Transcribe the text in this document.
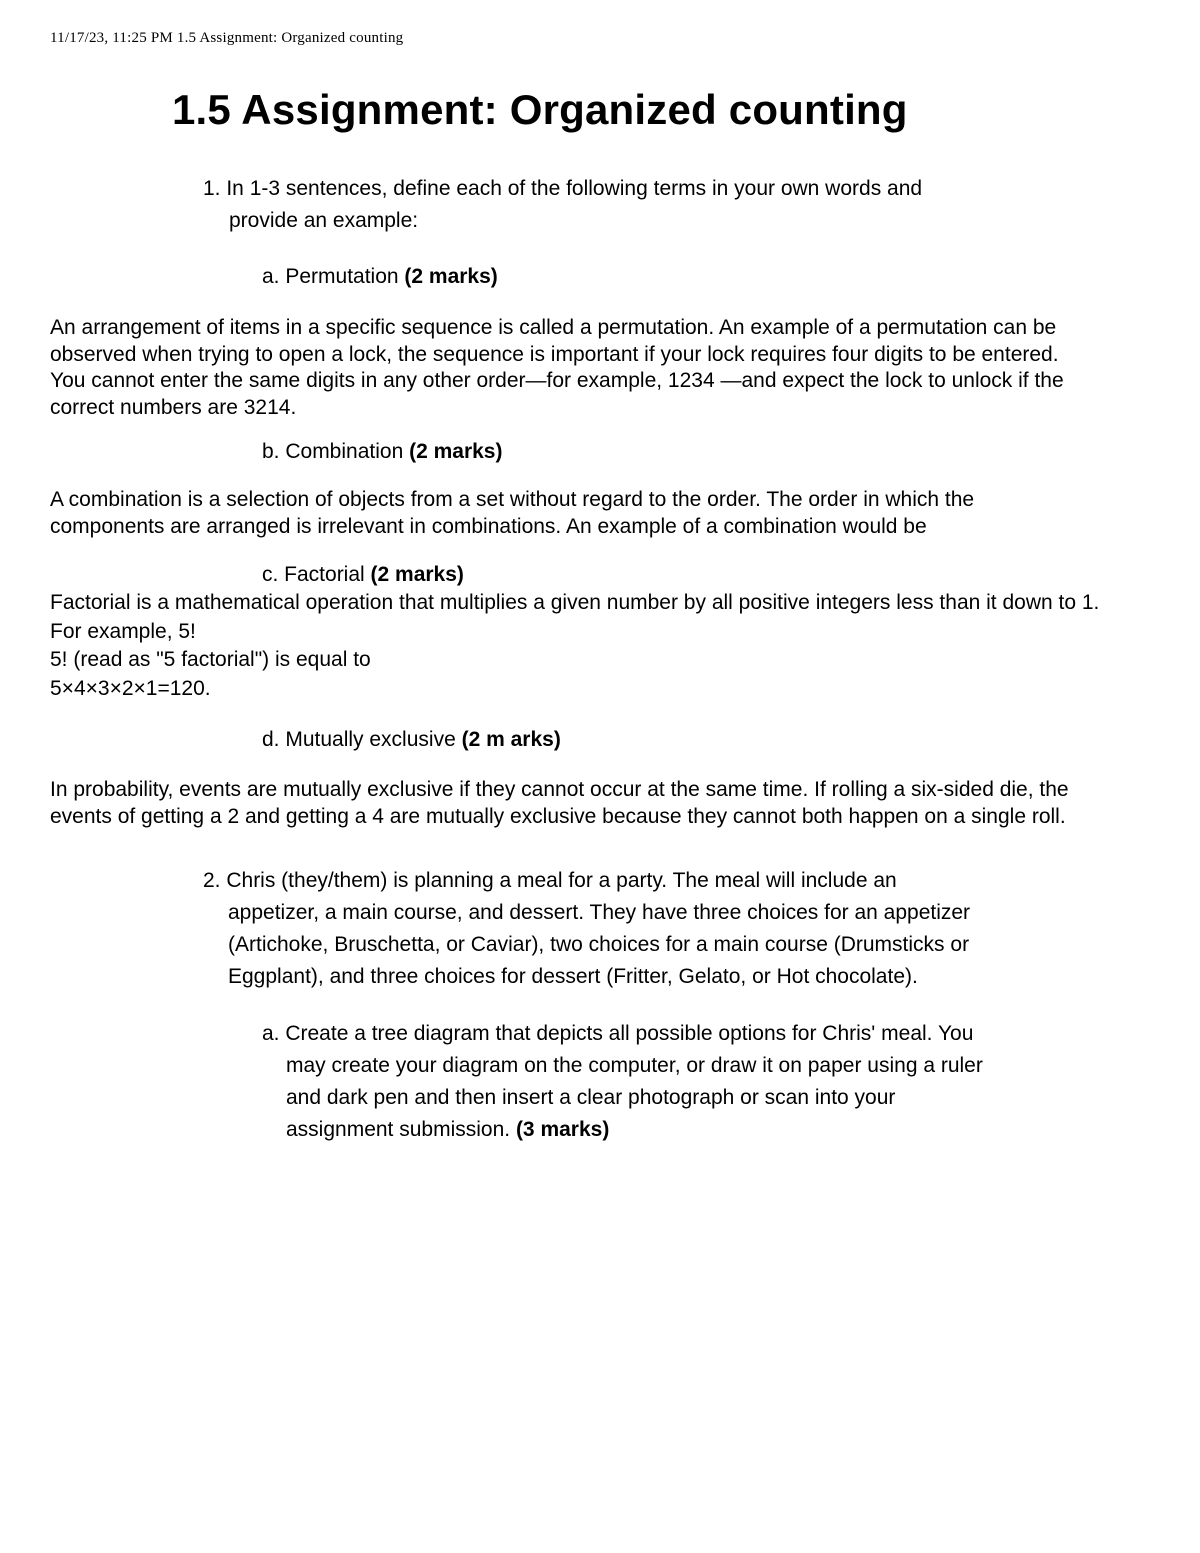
11/17/23, 11:25 PM 1.5 Assignment: Organized counting
1.5 Assignment: Organized counting
1. In 1-3 sentences, define each of the following terms in your own words and
provide an example:
a. Permutation (2 marks)
An arrangement of items in a specific sequence is called a permutation. An example of a permutation can be
observed when trying to open a lock, the sequence is important if your lock requires four digits to be entered.
You cannot enter the same digits in any other order—for example, 1234 —and expect the lock to unlock if the
correct numbers are 3214.
b. Combination (2 marks)
A combination is a selection of objects from a set without regard to the order. The order in which the
components are arranged is irrelevant in combinations. An example of a combination would be
c. Factorial (2 marks)
Factorial is a mathematical operation that multiplies a given number by all positive integers less than it down to 1.
For example, 5!
5! (read as "5 factorial") is equal to
5×4×3×2×1=120.
d. Mutually exclusive (2 m arks)
In probability, events are mutually exclusive if they cannot occur at the same time. If rolling a six-sided die, the
events of getting a 2 and getting a 4 are mutually exclusive because they cannot both happen on a single roll.
2. Chris (they/them) is planning a meal for a party. The meal will include an
appetizer, a main course, and dessert. They have three choices for an appetizer
(Artichoke, Bruschetta, or Caviar), two choices for a main course (Drumsticks or
Eggplant), and three choices for dessert (Fritter, Gelato, or Hot chocolate).
a. Create a tree diagram that depicts all possible options for Chris' meal. You
may create your diagram on the computer, or draw it on paper using a ruler
and dark pen and then insert a clear photograph or scan into your
assignment submission. (3 marks)
